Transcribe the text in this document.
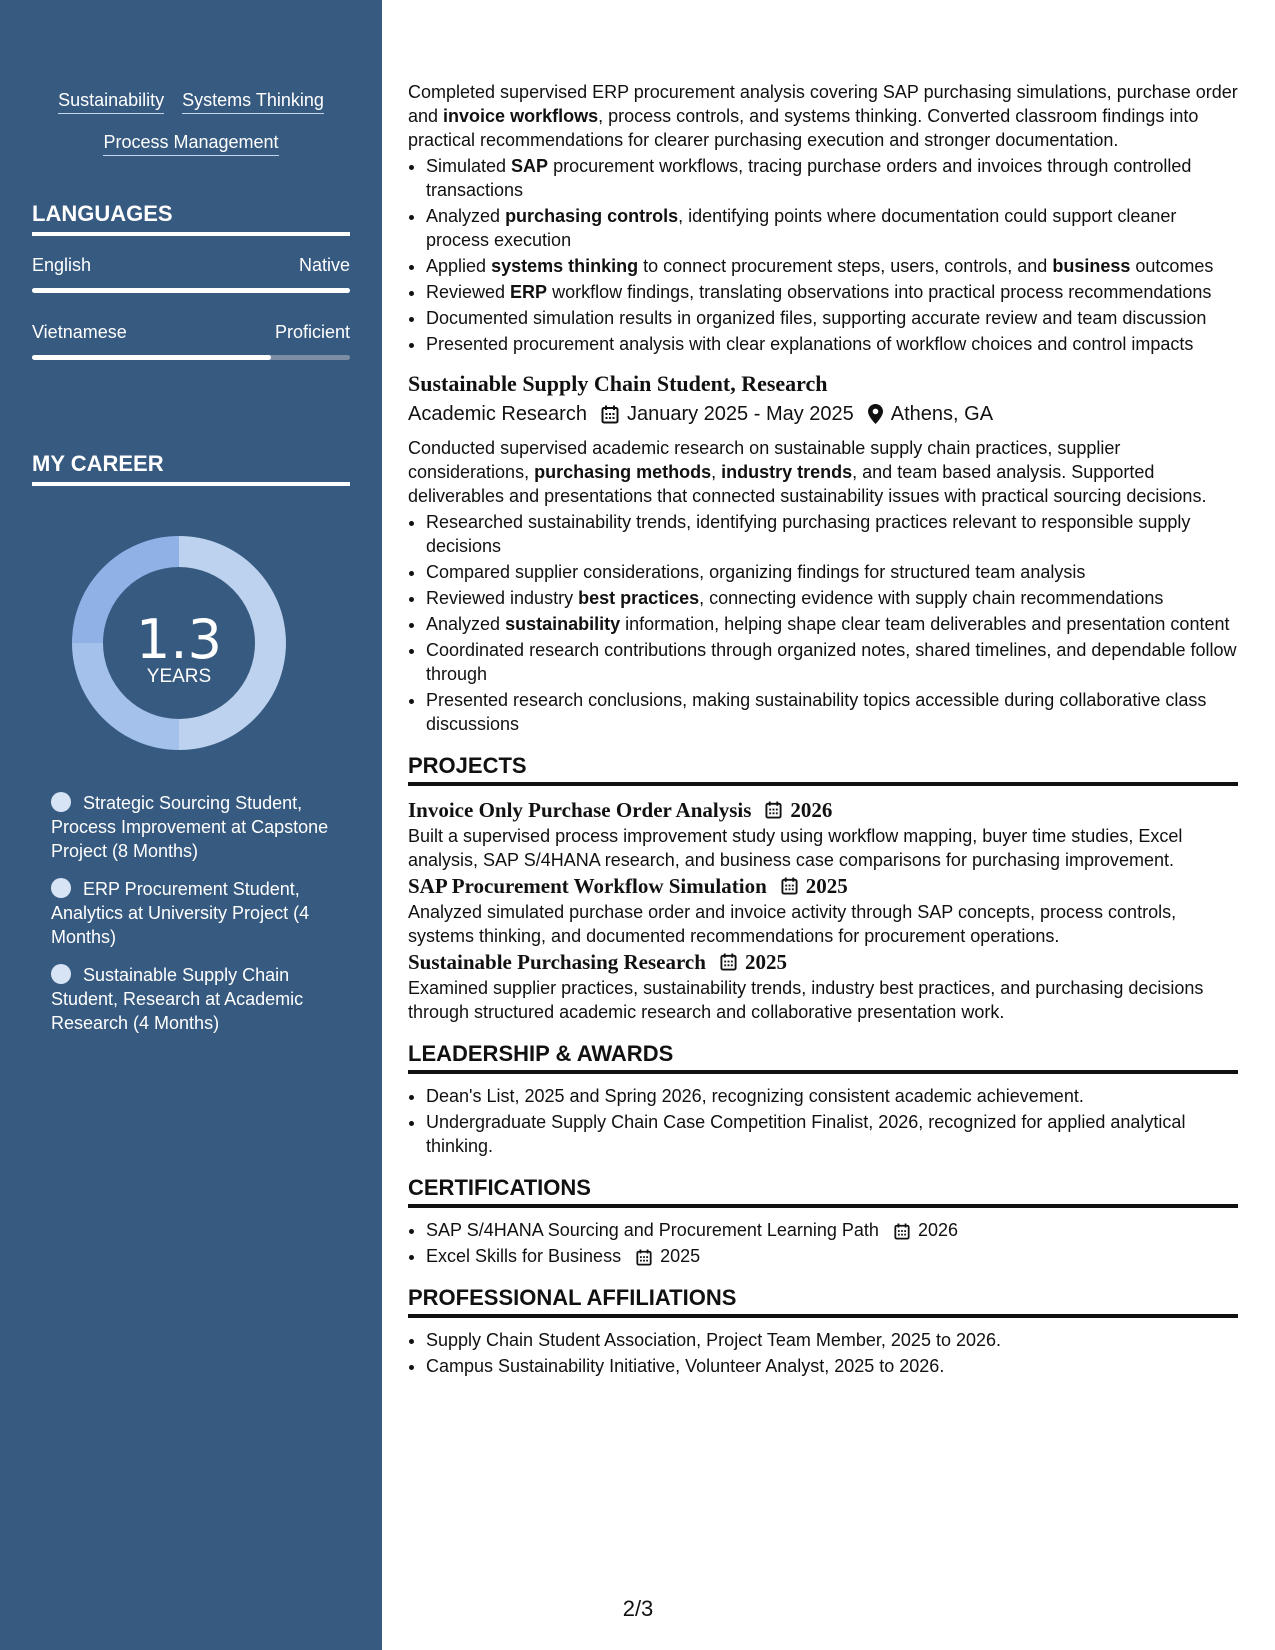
Sustainability Systems Thinking
Process Management
LANGUAGES
English	Native
Vietnamese	Proficient
MY CAREER
1.3
YEARS
Strategic Sourcing Student, Process Improvement at Capstone Project (8 Months)
ERP Procurement Student, Analytics at University Project (4 Months)
Sustainable Supply Chain Student, Research at Academic Research (4 Months)

Completed supervised ERP procurement analysis covering SAP purchasing simulations, purchase order and invoice workflows, process controls, and systems thinking. Converted classroom findings into practical recommendations for clearer purchasing execution and stronger documentation.

• Simulated SAP procurement workflows, tracing purchase orders and invoices through controlled transactions
• Analyzed purchasing controls, identifying points where documentation could support cleaner process execution
• Applied systems thinking to connect procurement steps, users, controls, and business outcomes
• Reviewed ERP workflow findings, translating observations into practical process recommendations
• Documented simulation results in organized files, supporting accurate review and team discussion
• Presented procurement analysis with clear explanations of workflow choices and control impacts
Sustainable Supply Chain Student, Research
Academic Research January 2025 - May 2025 Athens, GA

Conducted supervised academic research on sustainable supply chain practices, supplier considerations, purchasing methods, industry trends, and team based analysis. Supported deliverables and presentations that connected sustainability issues with practical sourcing decisions.

• Researched sustainability trends, identifying purchasing practices relevant to responsible supply decisions
• Compared supplier considerations, organizing findings for structured team analysis
• Reviewed industry best practices, connecting evidence with supply chain recommendations
• Analyzed sustainability information, helping shape clear team deliverables and presentation content
• Coordinated research contributions through organized notes, shared timelines, and dependable follow through
• Presented research conclusions, making sustainability topics accessible during collaborative class discussions
PROJECTS
Invoice Only Purchase Order Analysis 2026

Built a supervised process improvement study using workflow mapping, buyer time studies, Excel analysis, SAP S/4HANA research, and business case comparisons for purchasing improvement.

SAP Procurement Workflow Simulation 2025

Analyzed simulated purchase order and invoice activity through SAP concepts, process controls, systems thinking, and documented recommendations for procurement operations.

Sustainable Purchasing Research 2025

Examined supplier practices, sustainability trends, industry best practices, and purchasing decisions through structured academic research and collaborative presentation work.

LEADERSHIP & AWARDS
• Dean's List, 2025 and Spring 2026, recognizing consistent academic achievement.
• Undergraduate Supply Chain Case Competition Finalist, 2026, recognized for applied analytical thinking.
CERTIFICATIONS
• SAP S/4HANA Sourcing and Procurement Learning Path 2026
• Excel Skills for Business 2025
PROFESSIONAL AFFILIATIONS
• Supply Chain Student Association, Project Team Member, 2025 to 2026.
• Campus Sustainability Initiative, Volunteer Analyst, 2025 to 2026.
2/3
